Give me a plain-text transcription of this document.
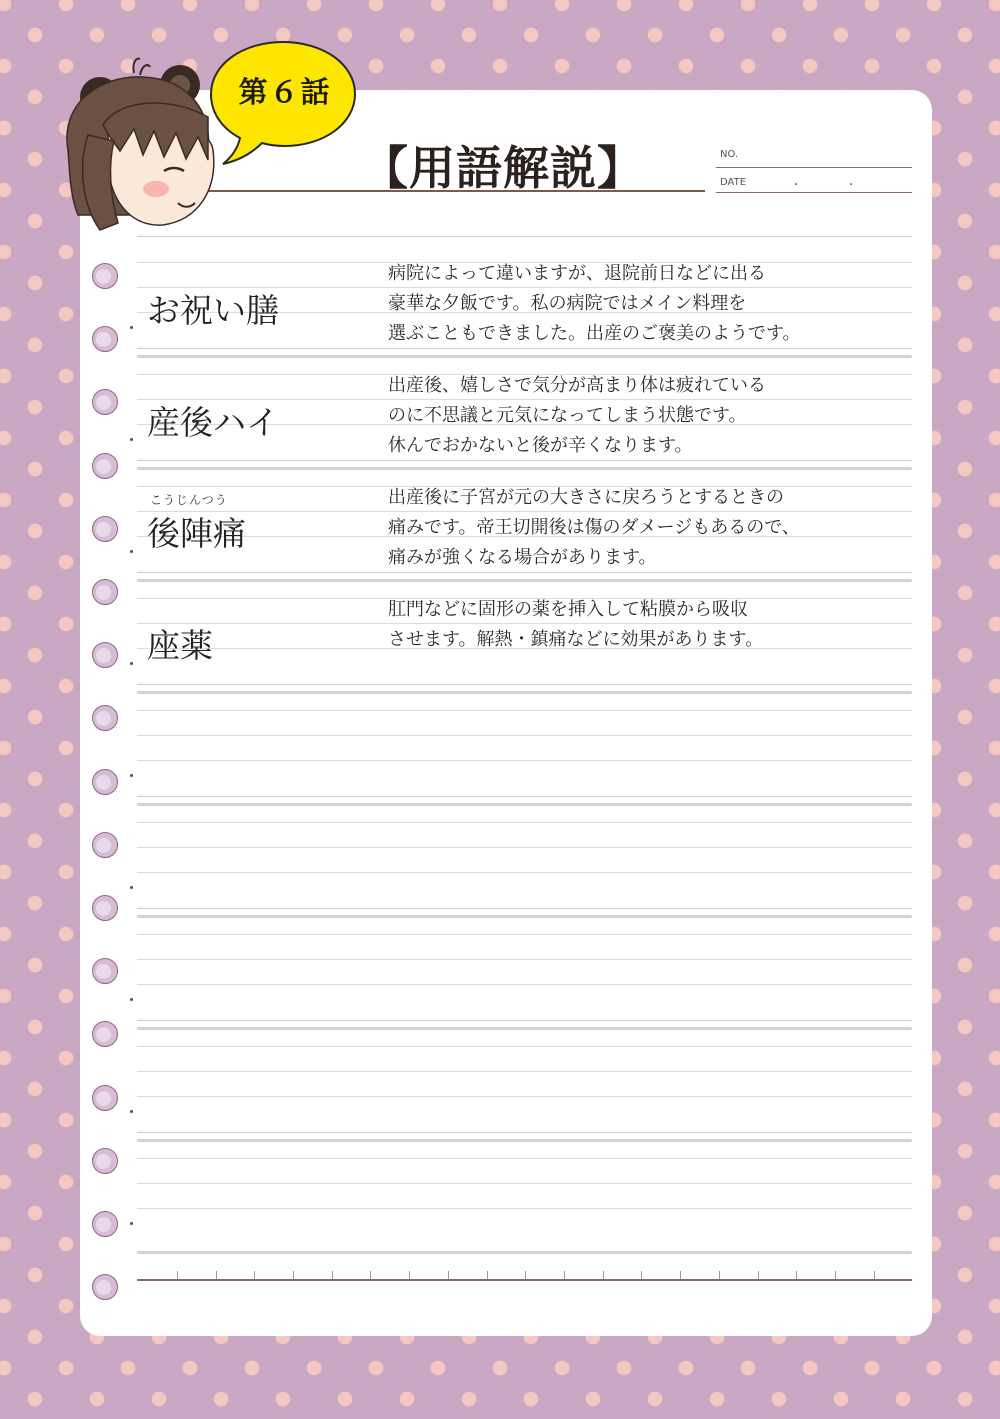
【用語解説】	NO.
DATE	・	・
第６話
お祝い膳
病院によって違いますが、退院前日などに出る
豪華な夕飯です。私の病院ではメイン料理を
選ぶこともできました。出産のご褒美のようです。
産後ハイ
出産後、嬉しさで気分が高まり体は疲れている
のに不思議と元気になってしまう状態です。
休んでおかないと後が辛くなります。
こうじんつう
後陣痛
出産後に子宮が元の大きさに戻ろうとするときの
痛みです。帝王切開後は傷のダメージもあるので、
痛みが強くなる場合があります。
座薬
肛門などに固形の薬を挿入して粘膜から吸収
させます。解熱・鎮痛などに効果があります。
